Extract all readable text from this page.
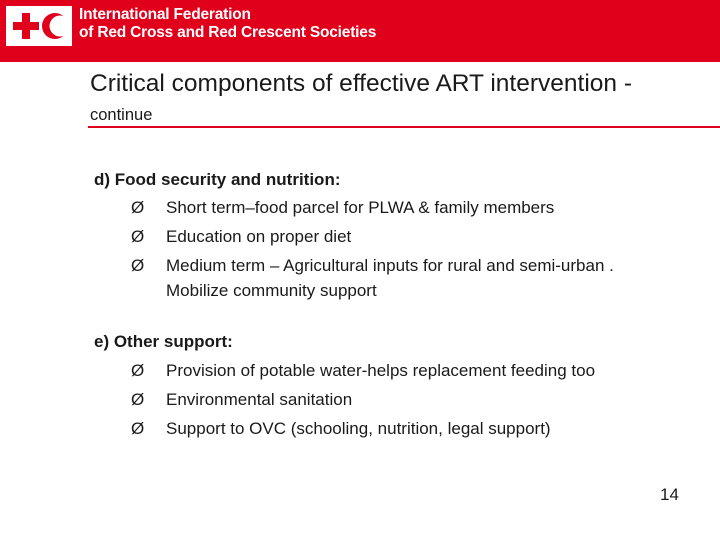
International Federation
of Red Cross and Red Crescent Societies
Critical components of effective ART intervention -
continue
d) Food security and nutrition:
Ø Short term–food parcel for PLWA & family members
Ø Education on proper diet
Ø Medium term – Agricultural inputs for rural and semi-urban .
Mobilize community support
e) Other support:
Ø Provision of potable water-helps replacement feeding too
Ø Environmental sanitation
Ø Support to OVC (schooling, nutrition, legal support)
14
